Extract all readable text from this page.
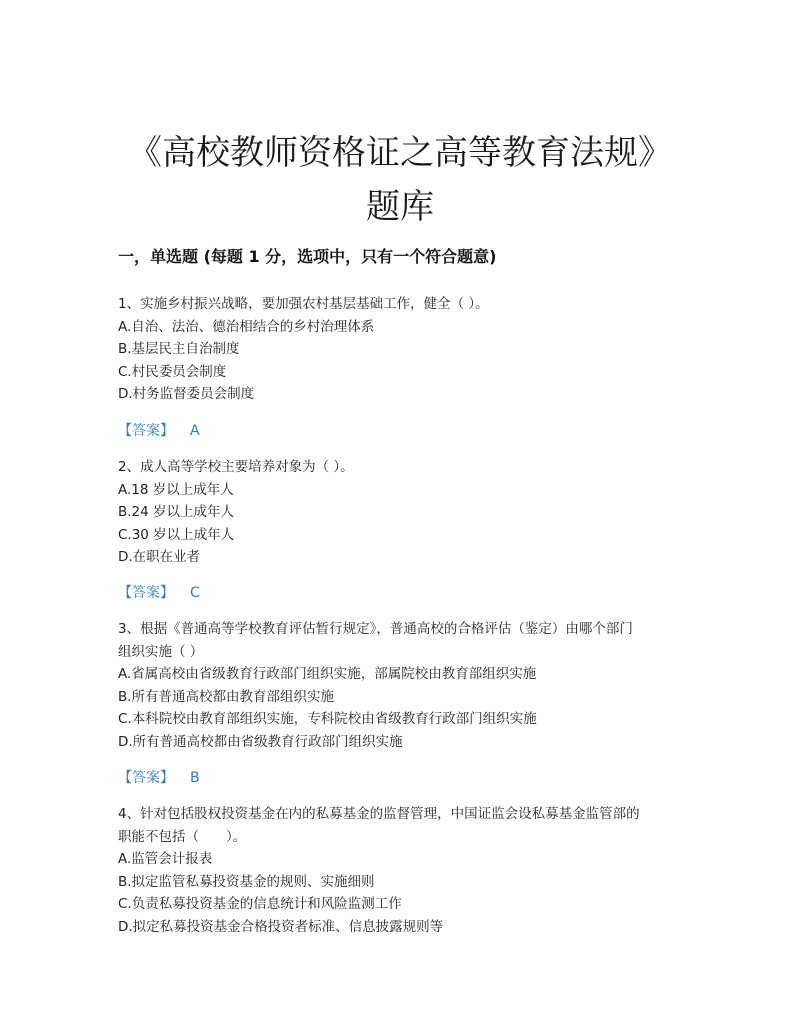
《高校教师资格证之高等教育法规》
题库
一，单选题 (每题 1 分，选项中，只有一个符合题意)

1、实施乡村振兴战略，要加强农村基层基础工作，健全（ ）。

A.自治、法治、德治相结合的乡村治理体系

B.基层民主自治制度

C.村民委员会制度

D.村务监督委员会制度

【答案】 A

2、成人高等学校主要培养对象为（ ）。

A.18 岁以上成年人

B.24 岁以上成年人

C.30 岁以上成年人

D.在职在业者

【答案】 C

3、根据《普通高等学校教育评估暂行规定》，普通高校的合格评估（鉴定）由哪个部门

组织实施（ ）

A.省属高校由省级教育行政部门组织实施，部属院校由教育部组织实施

B.所有普通高校都由教育部组织实施

C.本科院校由教育部组织实施，专科院校由省级教育行政部门组织实施

D.所有普通高校都由省级教育行政部门组织实施

【答案】 B

4、针对包括股权投资基金在内的私募基金的监督管理，中国证监会设私募基金监管部的

职能不包括（　　）。

A.监管会计报表

B.拟定监管私募投资基金的规则、实施细则

C.负责私募投资基金的信息统计和风险监测工作

D.拟定私募投资基金合格投资者标准、信息披露规则等
